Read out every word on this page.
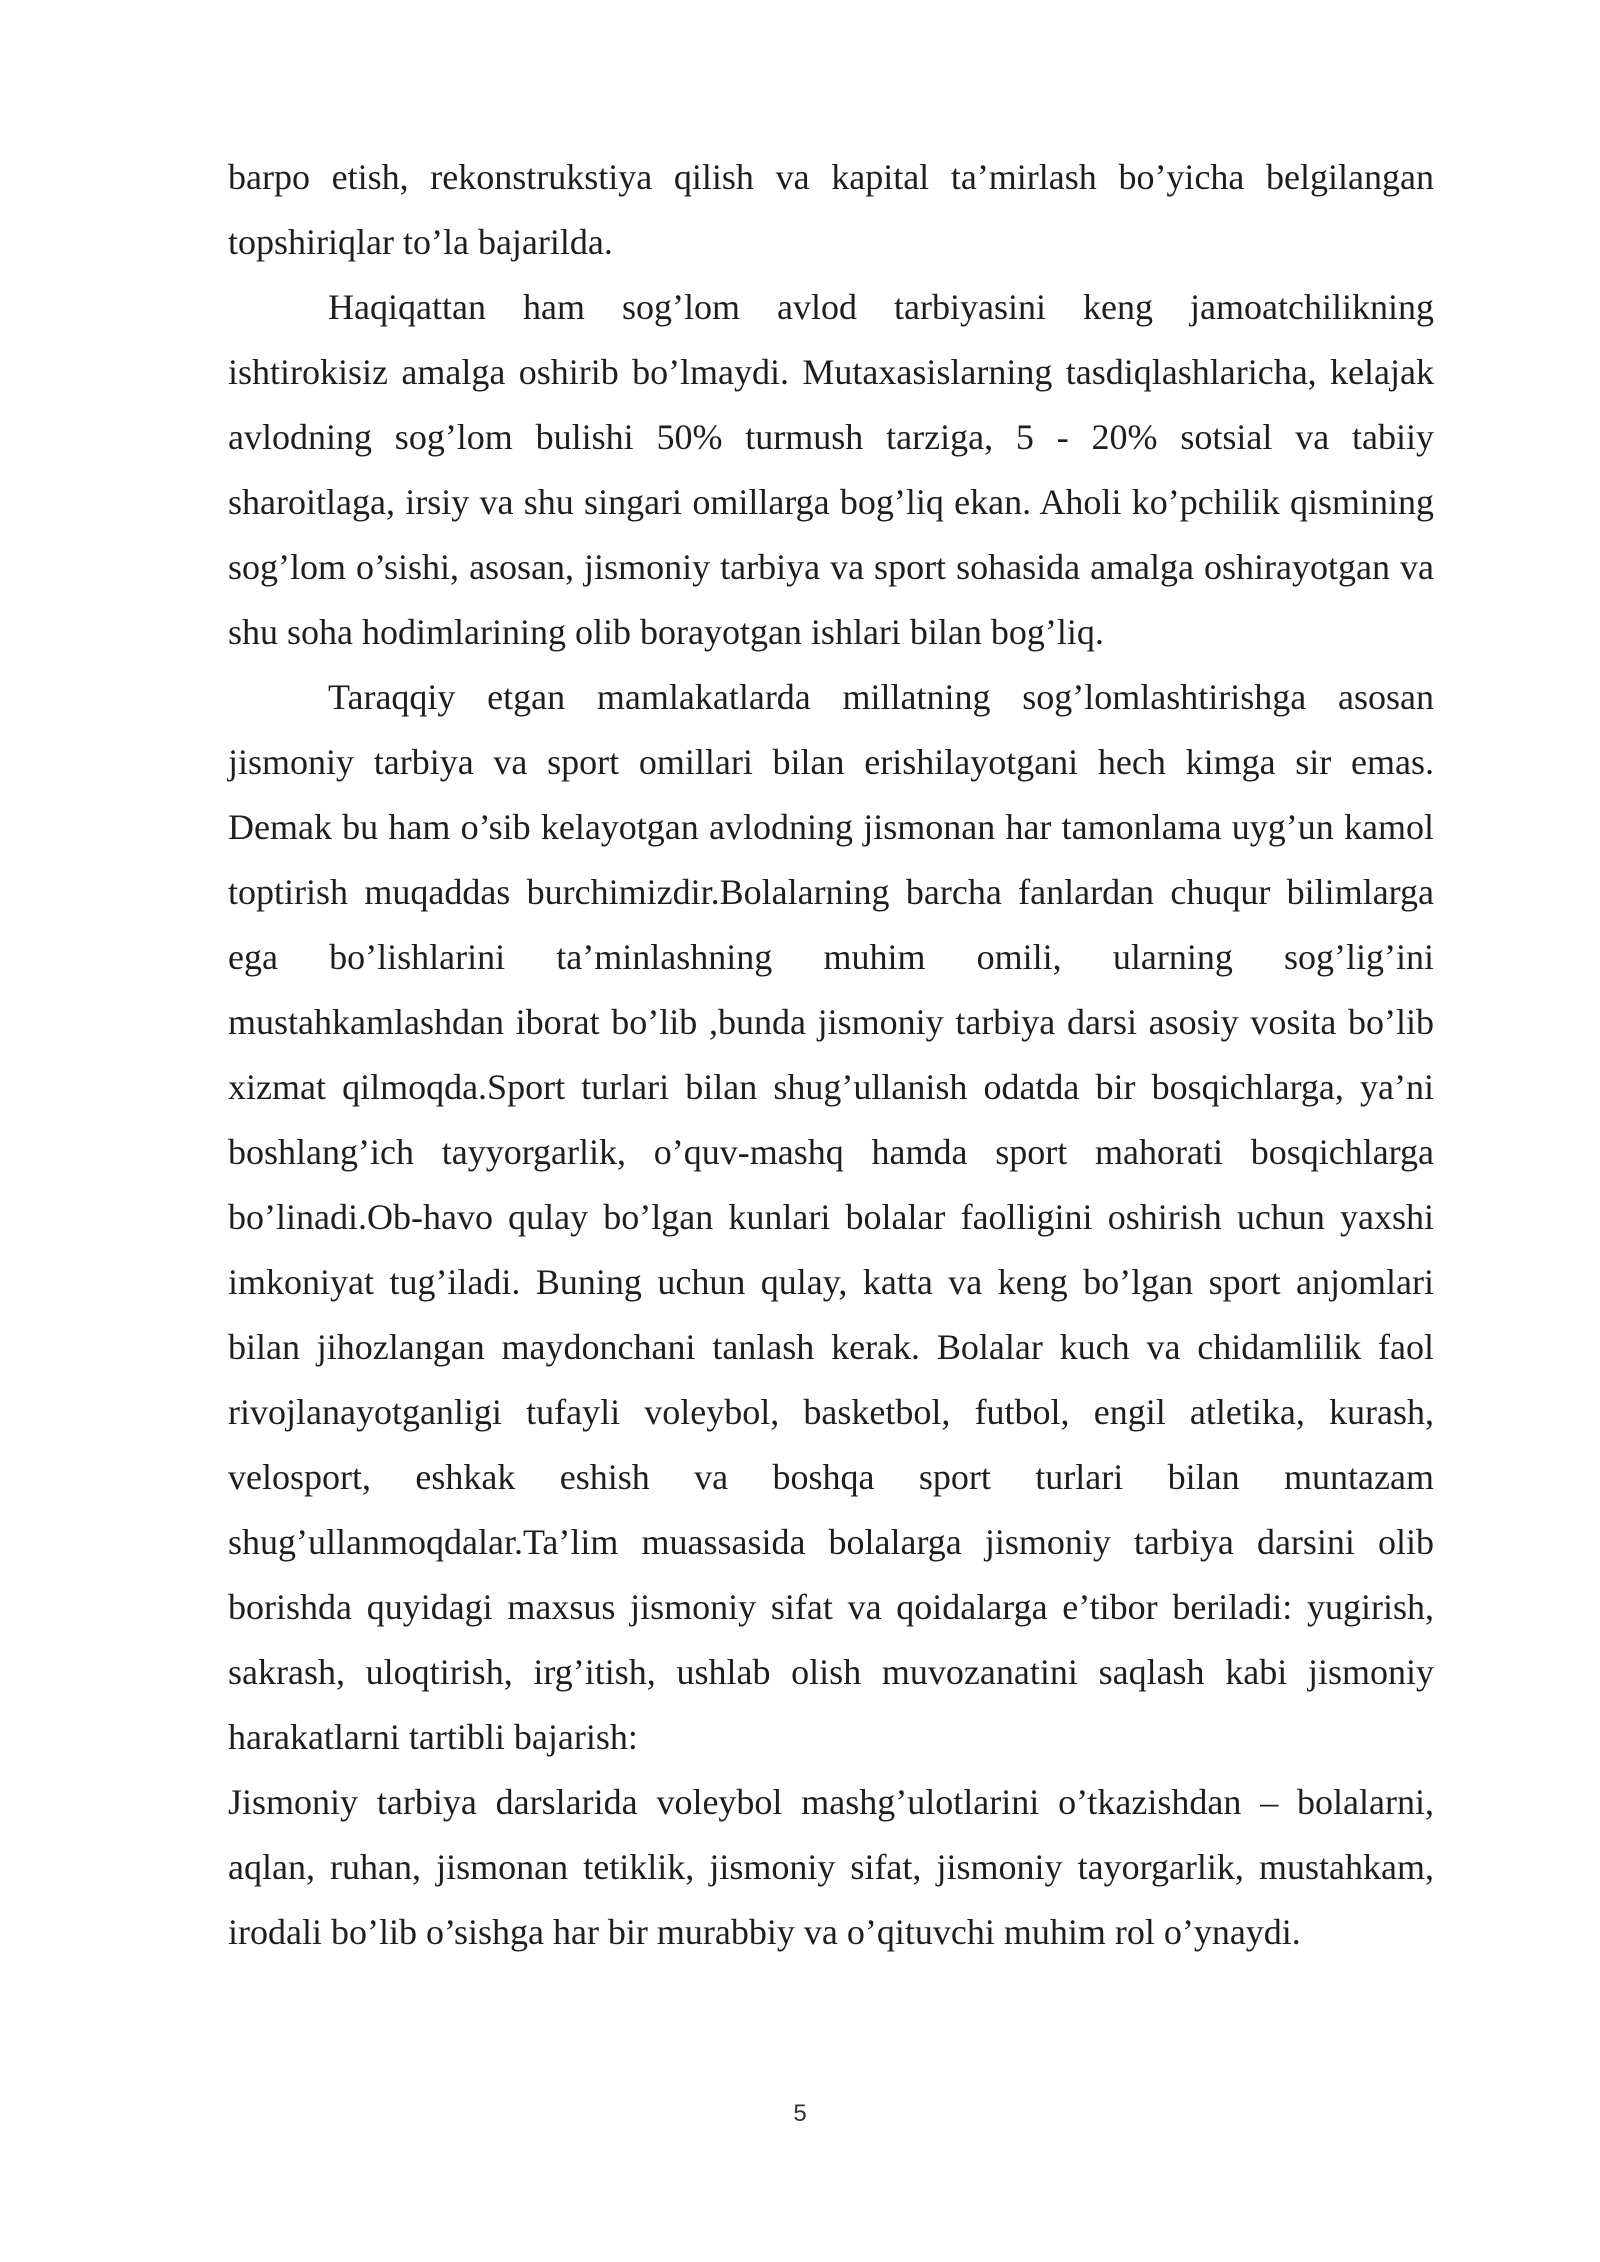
barpo etish, rekonstrukstiya qilish va kapital ta’mirlash bo’yicha belgilangan topshiriqlar to’la bajarilda.

Haqiqattan ham sog’lom avlod tarbiyasini keng jamoatchilikning ishtirokisiz amalga oshirib bo’lmaydi. Mutaxasislarning tasdiqlashlaricha, kelajak avlodning sog’lom bulishi 50% turmush tarziga, 5 - 20% sotsial va tabiiy sharoitlaga, irsiy va shu singari omillarga bog’liq ekan. Aholi ko’pchilik qismining sog’lom o’sishi, asosan, jismoniy tarbiya va sport sohasida amalga oshirayotgan va shu soha hodimlarining olib borayotgan ishlari bilan bog’liq.

Taraqqiy etgan mamlakatlarda millatning sog’lomlashtirishga asosan jismoniy tarbiya va sport omillari bilan erishilayotgani hech kimga sir emas. Demak bu ham o’sib kelayotgan avlodning jismonan har tamonlama uyg’un kamol toptirish muqaddas burchimizdir.Bolalarning barcha fanlardan chuqur bilimlarga ega bo’lishlarini ta’minlashning muhim omili, ularning sog’lig’ini mustahkamlashdan iborat bo’lib ,bunda jismoniy tarbiya darsi asosiy vosita bo’lib xizmat qilmoqda.Sport turlari bilan shug’ullanish odatda bir bosqichlarga, ya’ni boshlang’ich tayyorgarlik, o’quv-mashq hamda sport mahorati bosqichlarga bo’linadi.Ob-havo qulay bo’lgan kunlari bolalar faolligini oshirish uchun yaxshi imkoniyat tug’iladi. Buning uchun qulay, katta va keng bo’lgan sport anjomlari bilan jihozlangan maydonchani tanlash kerak. Bolalar kuch va chidamlilik faol rivojlanayotganligi tufayli voleybol, basketbol, futbol, engil atletika, kurash, velosport, eshkak eshish va boshqa sport turlari bilan muntazam shug’ullanmoqdalar.Ta’lim muassasida bolalarga jismoniy tarbiya darsini olib borishda quyidagi maxsus jismoniy sifat va qoidalarga e’tibor beriladi: yugirish, sakrash, uloqtirish, irg’itish, ushlab olish muvozanatini saqlash kabi jismoniy harakatlarni tartibli bajarish:

Jismoniy tarbiya darslarida voleybol mashg’ulotlarini o’tkazishdan – bolalarni, aqlan, ruhan, jismonan tetiklik, jismoniy sifat, jismoniy tayorgarlik, mustahkam, irodali bo’lib o’sishga har bir murabbiy va o’qituvchi muhim rol o’ynaydi.

5
